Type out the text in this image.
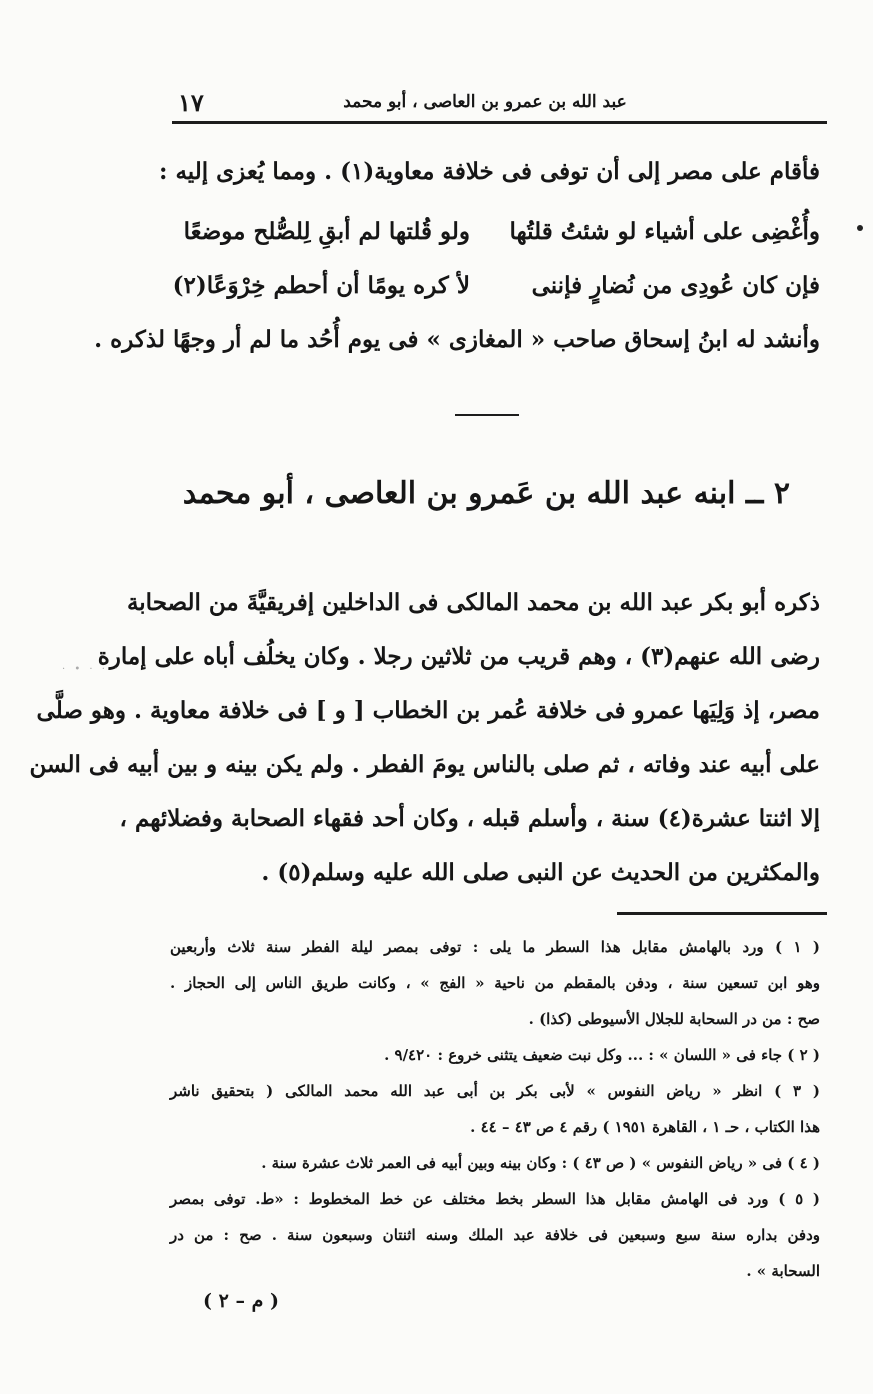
عبد الله بن عمرو بن العاصى ، أبو محمد
١٧
فأقام على مصر إلى أن توفى فى خلافة معاوية(١) . ومما يُعزى إليه :
وأُغْضِى على أشياء لو شئتُ قلتُها
ولو قُلتها لم أبقِ لِلصُّلح موضعًا
فإن كان عُودِى من نُضارٍ فإننى
لأ كره يومًا أن أحطم خِرْوَعًا(٢)
وأنشد له ابنُ إسحاق صاحب « المغازى » فى يوم أُحُد ما لم أر وجهًا لذكره .
٢ ــ ابنه عبد الله بن عَمرو بن العاصى ، أبو محمد
ذكره أبو بكر عبد الله بن محمد المالكى فى الداخلين إفريقيَّةَ من الصحابة
رضى الله عنهم(٣) ، وهم قريب من ثلاثين رجلا . وكان يخلُف أباه على إمارة
مصر، إذ وَلِيَها عمرو فى خلافة عُمر بن الخطاب [ و ] فى خلافة معاوية . وهو صلَّى
على أبيه عند وفاته ، ثم صلى بالناس يومَ الفطر . ولم يكن بينه و بين أبيه فى السن
إلا اثنتا عشرة(٤) سنة ، وأسلم قبله ، وكان أحد فقهاء الصحابة وفضلائهم ،
والمكثرين من الحديث عن النبى صلى الله عليه وسلم(٥) .
( ١ ) ورد بالهامش مقابل هذا السطر ما يلى : توفى بمصر ليلة الفطر سنة ثلاث وأربعين
وهو ابن تسعين سنة ، ودفن بالمقطم من ناحية « الفج » ، وكانت طريق الناس إلى الحجاز .
صح : من در السحابة للجلال الأسيوطى (كذا) .
( ٢ ) جاء فى « اللسان » : ... وكل نبت ضعيف يتثنى خروع : ٩/٤٢٠ .
( ٣ ) انظر « رياض النفوس » لأبى بكر بن أبى عبد الله محمد المالكى ( بتحقيق ناشر
هذا الكتاب ، حـ ١ ، القاهرة ١٩٥١ ) رقم ٤ ص ٤٣ – ٤٤ .
( ٤ ) فى « رياض النفوس » ( ص ٤٣ ) : وكان بينه وبين أبيه فى العمر ثلاث عشرة سنة .
( ٥ ) ورد فى الهامش مقابل هذا السطر بخط مختلف عن خط المخطوط : «ط. توفى بمصر
ودفن بداره سنة سبع وسبعين فى خلافة عبد الملك وسنه اثنتان وسبعون سنة . صح : من در
السحابة » .
( م – ٢ )
· • · · ·
